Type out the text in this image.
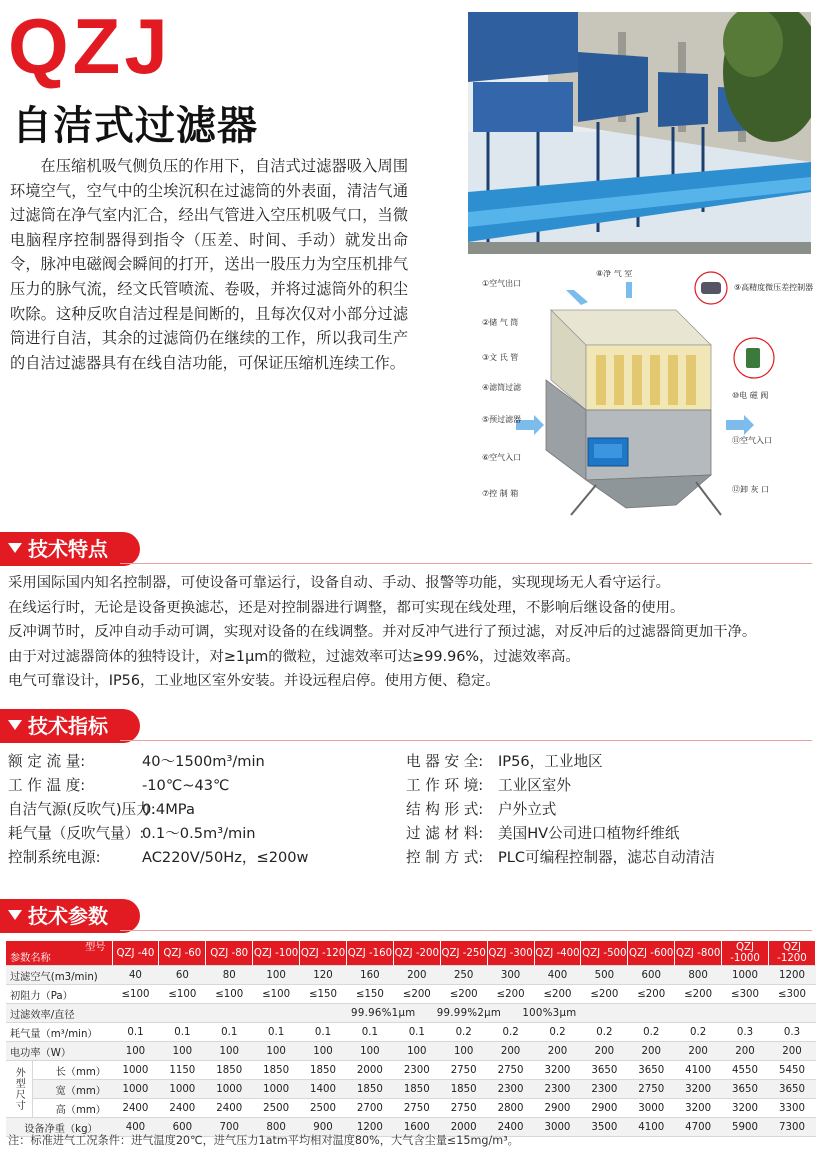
QZJ
自洁式过滤器

在压缩机吸气侧负压的作用下，自洁式过滤器吸入周围环境空气，空气中的尘埃沉积在过滤筒的外表面，清洁气通过滤筒在净气室内汇合，经出气管进入空压机吸气口，当微电脑程序控制器得到指令（压差、时间、手动）就发出命令，脉冲电磁阀会瞬间的打开，送出一股压力为空压机排气压力的脉气流，经文氏管喷流、卷吸，并将过滤筒外的积尘吹除。这种反吹自洁过程是间断的，且每次仅对小部分过滤筒进行自洁，其余的过滤筒仍在继续的工作，所以我司生产的自洁过滤器具有在线自洁功能，可保证压缩机连续工作。

①空气出口
②储 气 筒
③文 氏 管
④滤筒过滤
⑤预过滤器
⑥空气入口
⑦控 制 箱
⑧净 气 室
⑨高精度微压差控制器
⑩电 磁 阀
⑪空气入口
⑫卸 灰 口
技术特点
采用国际国内知名控制器，可使设备可靠运行，设备自动、手动、报警等功能，实现现场无人看守运行。
在线运行时，无论是设备更换滤芯，还是对控制器进行调整，都可实现在线处理，不影响后继设备的使用。
反冲调节时，反冲自动手动可调，实现对设备的在线调整。并对反冲气进行了预过滤，对反冲后的过滤器筒更加干净。
由于对过滤器筒体的独特设计，对≥1μm的微粒，过滤效率可达≥99.96%，过滤效率高。
电气可靠设计，IP56，工业地区室外安装。并设远程启停。使用方便、稳定。
技术指标
额 定 流 量:	40～1500m³/min
工 作 温 度:	-10℃~43℃
自洁气源(反吹气)压力:
0.4MPa
耗气量（反吹气量）:
0.1～0.5m³/min
控制系统电源:	AC220V/50Hz，≤200w
电 器 安 全:	IP56，工业地区
工 作 环 境:	工业区室外
结 构 形 式:	户外立式
过 滤 材 料:	美国HV公司进口植物纤维纸
控 制 方 式:	PLC可编程控制器，滤芯自动清洁
技术参数
型号
参数名称		QZJ -40	QZJ -60	QZJ -80	QZJ -100	QZJ -120	QZJ -160	QZJ -200	QZJ -250	QZJ -300	QZJ -400	QZJ -500	QZJ -600	QZJ -800	QZJ -1000	QZJ -1200
过滤空气(m3/min)		40	60	80	100	120	160	200	250	300	400	500	600	800	1000	1200
初阻力（Pa）		≤100	≤100	≤100	≤100	≤150	≤150	≤200	≤200	≤200	≤200	≤200	≤200	≤200	≤300	≤300
过滤效率/直径		99.96%1μm      99.99%2μm      100%3μm														
耗气量（m³/min）		0.1	0.1	0.1	0.1	0.1	0.1	0.1	0.2	0.2	0.2	0.2	0.2	0.2	0.3	0.3
电功率（W）		100	100	100	100	100	100	100	100	200	200	200	200	200	200	200
外型尺寸	长（mm）	1000	1150	1850	1850	1850	2000	2300	2750	2750	3200	3650	3650	4100	4550	5450
	宽（mm）	1000	1000	1000	1000	1400	1850	1850	1850	2300	2300	2300	2750	3200	3650	3650
	高（mm）	2400	2400	2400	2500	2500	2700	2750	2750	2800	2900	2900	3000	3200	3200	3300
设备净重（kg）		400	600	700	800	900	1200	1600	2000	2400	3000	3500	4100	4700	5900	7300
注：标准进气工况条件：进气温度20℃，进气压力1atm平均相对温度80%，大气含尘量≤15mg/m³。
